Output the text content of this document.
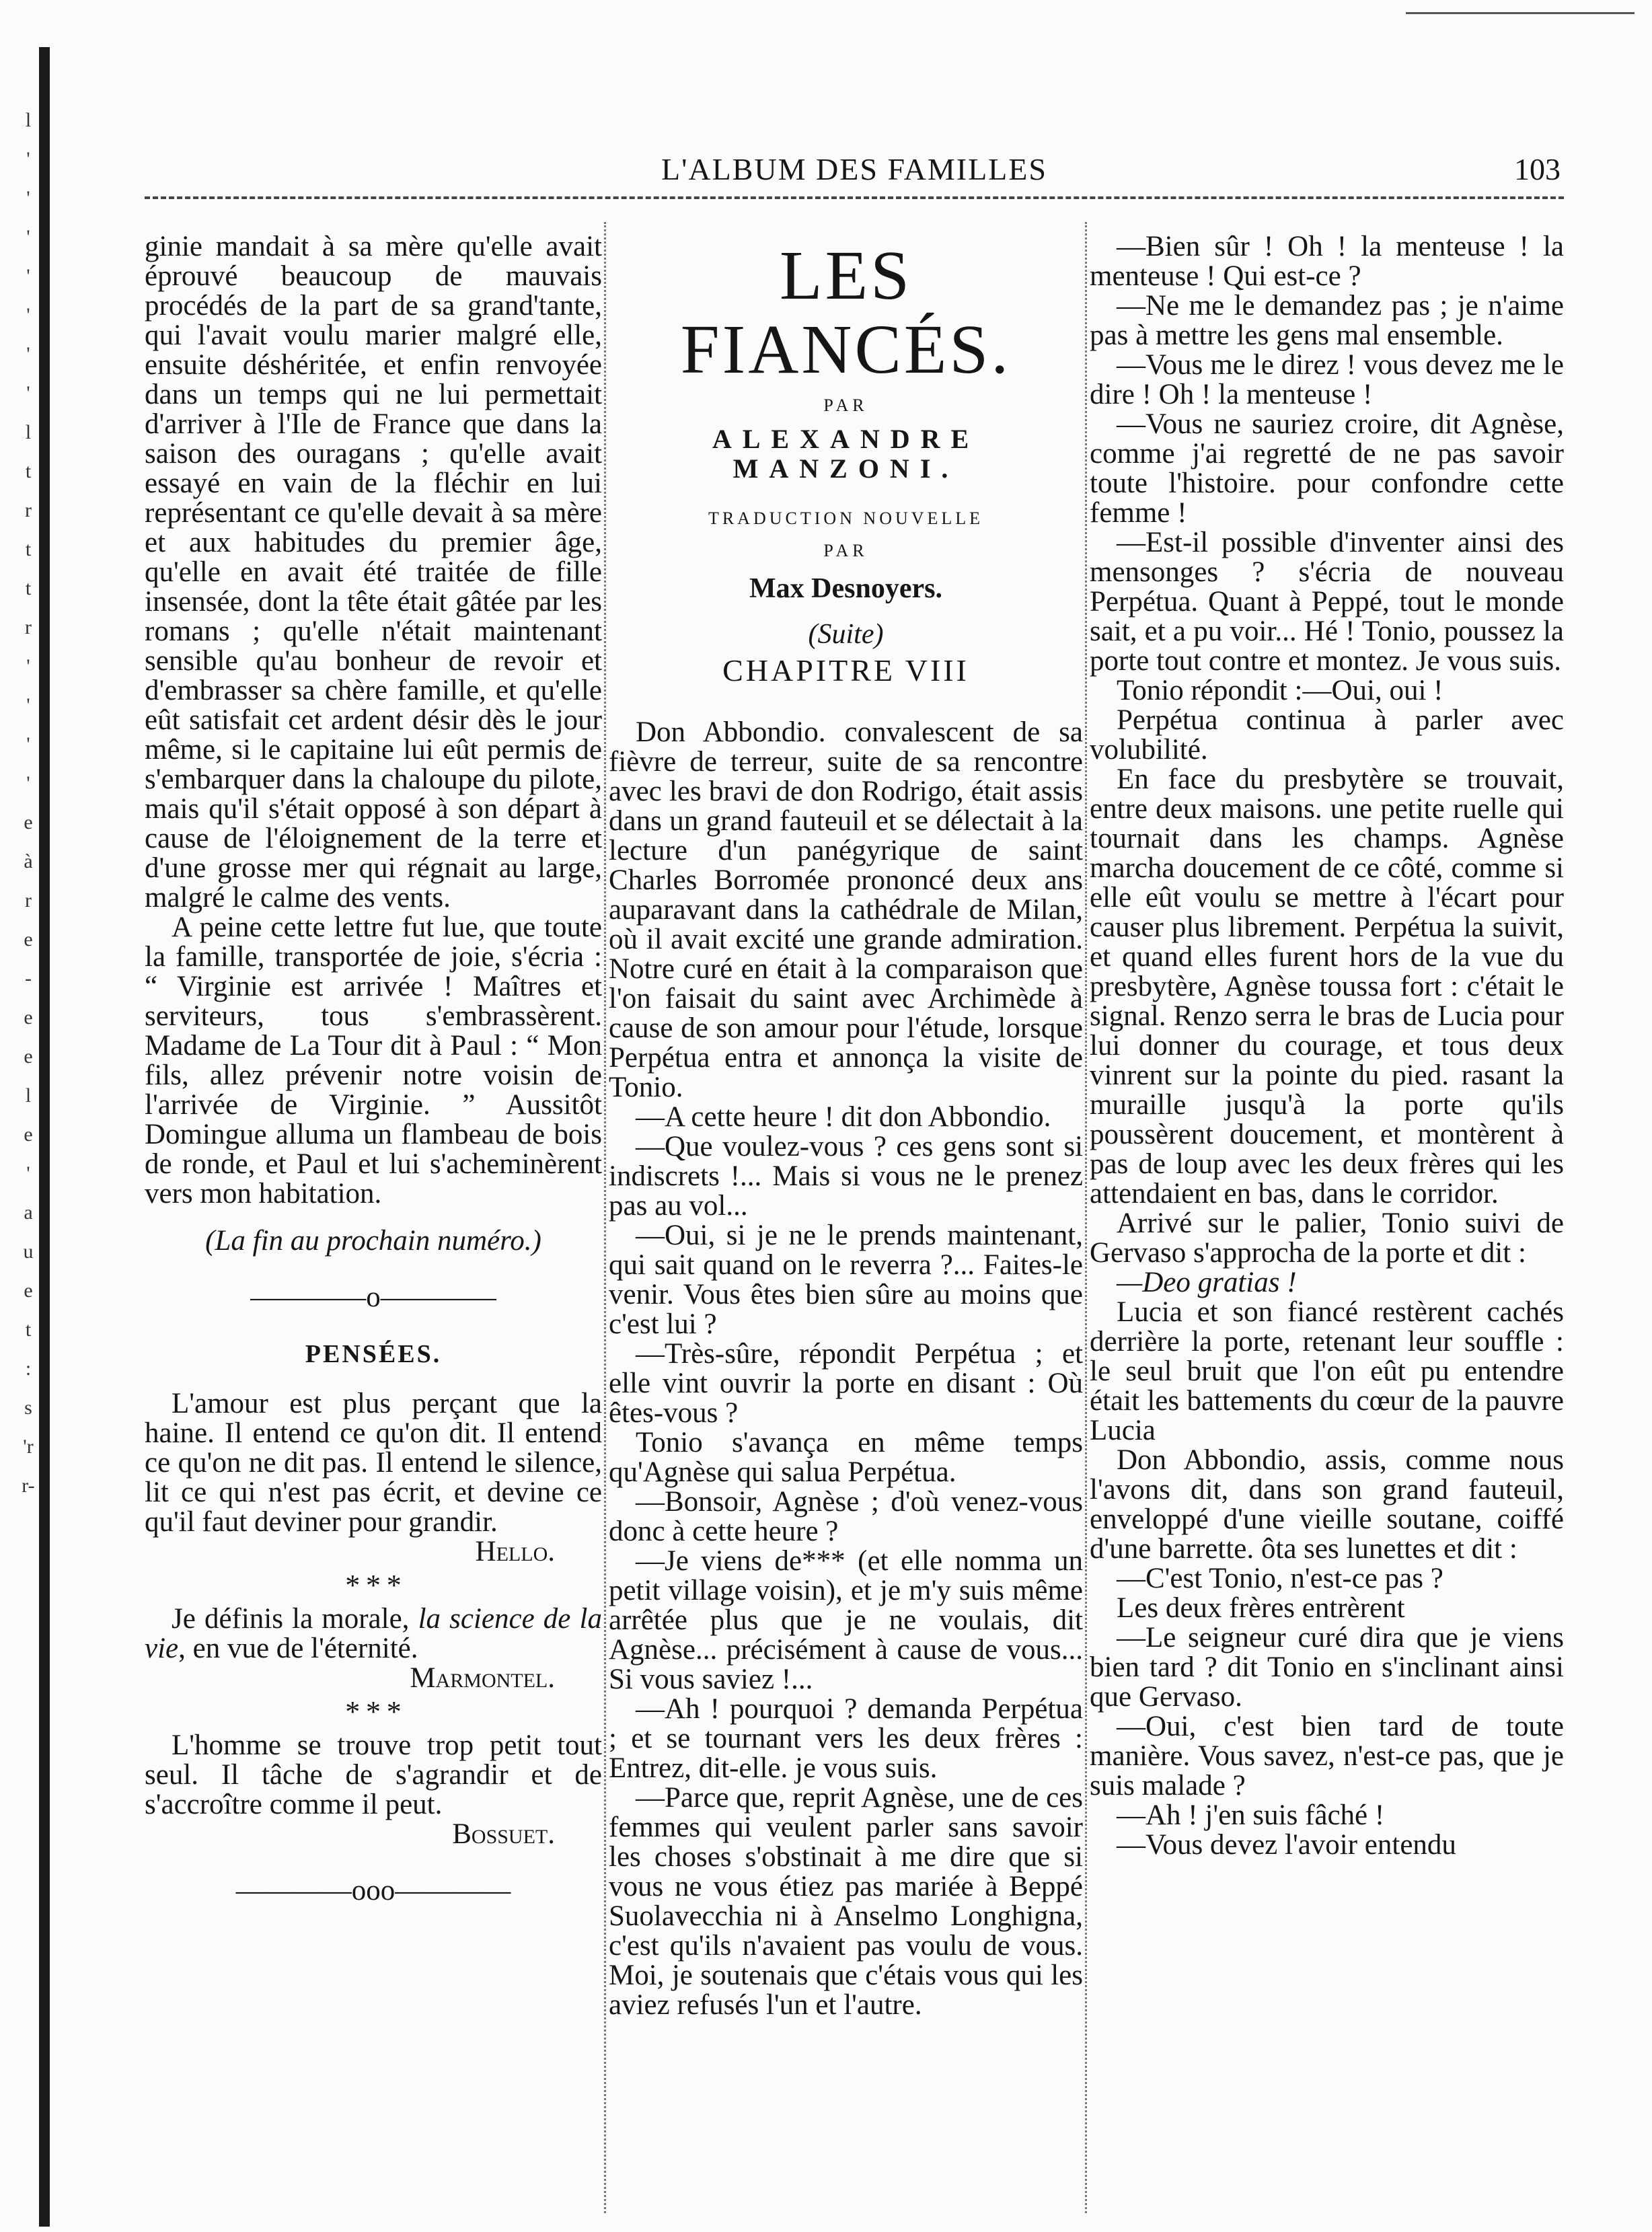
l
'
'
'
'
'
'
'
l
t
r
t
t
r
'
'
'
'
e
à
r
e
-
e
e
l
e
'
a
u
e
t
:
s
'r
r-
L'ALBUM DES FAMILLES	103

ginie mandait à sa mère qu'elle avait éprouvé beaucoup de mauvais procédés de la part de sa grand'tante, qui l'avait voulu marier malgré elle, ensuite déshéritée, et enfin renvoyée dans un temps qui ne lui permettait d'arriver à l'Ile de France que dans la saison des ouragans ; qu'elle avait essayé en vain de la fléchir en lui représentant ce qu'elle devait à sa mère et aux habitudes du premier âge, qu'elle en avait été traitée de fille insensée, dont la tête était gâtée par les romans ; qu'elle n'était maintenant sensible qu'au bonheur de revoir et d'embrasser sa chère famille, et qu'elle eût satisfait cet ardent désir dès le jour même, si le capitaine lui eût permis de s'embarquer dans la chaloupe du pilote, mais qu'il s'était opposé à son départ à cause de l'éloignement de la terre et d'une grosse mer qui régnait au large, malgré le calme des vents.

A peine cette lettre fut lue, que toute la famille, transportée de joie, s'écria : “ Virginie est arrivée ! Maîtres et serviteurs, tous s'embrassèrent. Madame de La Tour dit à Paul : “ Mon fils, allez prévenir notre voisin de l'arrivée de Virginie. ” Aussitôt Domingue alluma un flambeau de bois de ronde, et Paul et lui s'acheminèrent vers mon habitation.

(La fin au prochain numéro.)

————o————

PENSÉES.

L'amour est plus perçant que la haine. Il entend ce qu'on dit. Il entend ce qu'on ne dit pas. Il entend le silence, lit ce qui n'est pas écrit, et devine ce qu'il faut deviner pour grandir.

Hello.

* * *

Je définis la morale, la science de la vie, en vue de l'éternité.

Marmontel.

* * *

L'homme se trouve trop petit tout seul. Il tâche de s'agrandir et de s'accroître comme il peut.

Bossuet.

————ooo————

LES FIANCÉS.

PAR

ALEXANDRE MANZONI.

TRADUCTION NOUVELLE

PAR

Max Desnoyers.

(Suite)

CHAPITRE VIII

Don Abbondio. convalescent de sa fièvre de terreur, suite de sa rencontre avec les bravi de don Rodrigo, était assis dans un grand fauteuil et se délectait à la lecture d'un panégyrique de saint Charles Borromée prononcé deux ans auparavant dans la cathédrale de Milan, où il avait excité une grande admiration. Notre curé en était à la comparaison que l'on faisait du saint avec Archimède à cause de son amour pour l'étude, lorsque Perpétua entra et annonça la visite de Tonio.

—A cette heure ! dit don Abbondio.

—Que voulez-vous ? ces gens sont si indiscrets !... Mais si vous ne le prenez pas au vol...

—Oui, si je ne le prends maintenant, qui sait quand on le reverra ?... Faites-le venir. Vous êtes bien sûre au moins que c'est lui ?

—Très-sûre, répondit Perpétua ; et elle vint ouvrir la porte en disant : Où êtes-vous ?

Tonio s'avança en même temps qu'Agnèse qui salua Perpétua.

—Bonsoir, Agnèse ; d'où venez-vous donc à cette heure ?

—Je viens de*** (et elle nomma un petit village voisin), et je m'y suis même arrêtée plus que je ne voulais, dit Agnèse... précisément à cause de vous... Si vous saviez !...

—Ah ! pourquoi ? demanda Perpétua ; et se tournant vers les deux frères : Entrez, dit-elle. je vous suis.

—Parce que, reprit Agnèse, une de ces femmes qui veulent parler sans savoir les choses s'obstinait à me dire que si vous ne vous étiez pas mariée à Beppé Suolavecchia ni à Anselmo Longhigna, c'est qu'ils n'avaient pas voulu de vous. Moi, je soutenais que c'étais vous qui les aviez refusés l'un et l'autre.

—Bien sûr ! Oh ! la menteuse ! la menteuse ! Qui est-ce ?

—Ne me le demandez pas ; je n'aime pas à mettre les gens mal ensemble.

—Vous me le direz ! vous devez me le dire ! Oh ! la menteuse !

—Vous ne sauriez croire, dit Agnèse, comme j'ai regretté de ne pas savoir toute l'histoire. pour confondre cette femme !

—Est-il possible d'inventer ainsi des mensonges ? s'écria de nouveau Perpétua. Quant à Peppé, tout le monde sait, et a pu voir... Hé ! Tonio, poussez la porte tout contre et montez. Je vous suis.

Tonio répondit :—Oui, oui !

Perpétua continua à parler avec volubilité.

En face du presbytère se trouvait, entre deux maisons. une petite ruelle qui tournait dans les champs. Agnèse marcha doucement de ce côté, comme si elle eût voulu se mettre à l'écart pour causer plus librement. Perpétua la suivit, et quand elles furent hors de la vue du presbytère, Agnèse toussa fort : c'était le signal. Renzo serra le bras de Lucia pour lui donner du courage, et tous deux vinrent sur la pointe du pied. rasant la muraille jusqu'à la porte qu'ils poussèrent doucement, et montèrent à pas de loup avec les deux frères qui les attendaient en bas, dans le corridor.

Arrivé sur le palier, Tonio suivi de Gervaso s'approcha de la porte et dit :

—Deo gratias !

Lucia et son fiancé restèrent cachés derrière la porte, retenant leur souffle : le seul bruit que l'on eût pu entendre était les battements du cœur de la pauvre Lucia

Don Abbondio, assis, comme nous l'avons dit, dans son grand fauteuil, enveloppé d'une vieille soutane, coiffé d'une barrette. ôta ses lunettes et dit :

—C'est Tonio, n'est-ce pas ?

Les deux frères entrèrent

—Le seigneur curé dira que je viens bien tard ? dit Tonio en s'inclinant ainsi que Gervaso.

—Oui, c'est bien tard de toute manière. Vous savez, n'est-ce pas, que je suis malade ?

—Ah ! j'en suis fâché !

—Vous devez l'avoir entendu
